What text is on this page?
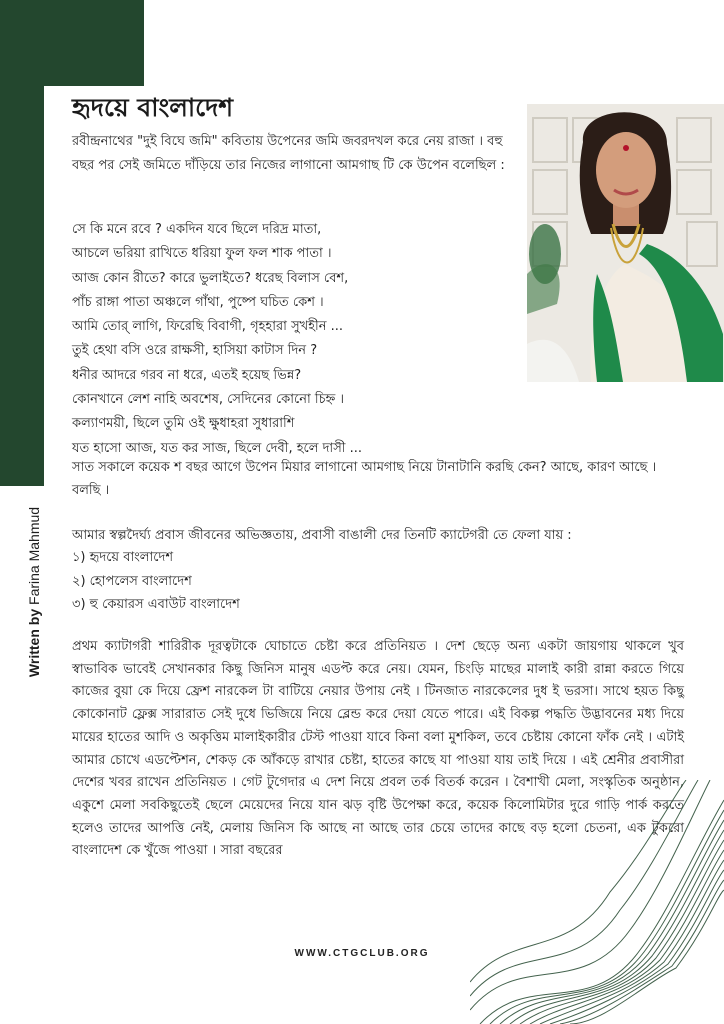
Written by Farina Mahmud
হৃদয়ে বাংলাদেশ

রবীন্দ্রনাথের "দুই বিঘে জমি" কবিতায় উপেনের জমি জবরদখল করে নেয় রাজা । বহু বছর পর সেই জমিতে দাঁড়িয়ে তার নিজের লাগানো আমগাছ টি কে উপেন বলেছিল :

সে কি মনে রবে ? একদিন যবে ছিলে দরিদ্র মাতা,
আচলে ভরিয়া রাখিতে ধরিয়া ফুল ফল শাক পাতা ।
আজ কোন রীতে? কারে ভুলাইতে? ধরেছ বিলাস বেশ,
পাঁচ রাঙ্গা পাতা অঞ্চলে গাঁথা, পুষ্পে ঘচিত কেশ ।
আমি তোর্ লাগি, ফিরেছি বিবাগী, গৃহহারা সুখহীন ...
তুই হেথা বসি ওরে রাক্ষসী, হাসিয়া কাটাস দিন ?
ধনীর আদরে গরব না ধরে, এতই হয়েছ ভিন্ন?
কোনখানে লেশ নাহি অবশেষ, সেদিনের কোনো চিহ্ন ।
কল্যাণময়ী, ছিলে তুমি ওই ক্ষুধাহরা সুধারাশি
যত হাসো আজ, যত কর সাজ, ছিলে দেবী, হলে দাসী ...

সাত সকালে কয়েক শ বছর আগে উপেন মিয়ার লাগানো আমগাছ নিয়ে টানাটানি করছি কেন? আছে, কারণ আছে । বলছি ।

আমার স্বল্পদৈর্ঘ্য প্রবাস জীবনের অভিজ্ঞতায়, প্রবাসী বাঙালী দের তিনটি ক্যাটেগরী তে ফেলা যায় :

১) হৃদয়ে বাংলাদেশ
২) হোপলেস বাংলাদেশ
৩) হু কেয়ারস এবাউট বাংলাদেশ

প্রথম ক্যাটাগরী শারিরীক দূরত্বটাকে ঘোচাতে চেষ্টা করে প্রতিনিয়ত । দেশ ছেড়ে অন্য একটা জায়গায় থাকলে খুব স্বাভাবিক ভাবেই সেখানকার কিছু জিনিস মানুষ এডপ্ট করে নেয়। যেমন, চিংড়ি মাছের মালাই কারী রান্না করতে গিয়ে কাজের বুয়া কে দিয়ে ফ্রেশ নারকেল টা বাটিয়ে নেয়ার উপায় নেই । টিনজাত নারকেলের দুধ ই ভরসা। সাথে হয়ত কিছু কোকোনাট ফ্লেক্স সারারাত সেই দুধে ভিজিয়ে নিয়ে ব্লেন্ড করে দেয়া যেতে পারে। এই বিকল্প পদ্ধতি উদ্ভাবনের মধ্য দিয়ে মায়ের হাতের আদি ও অকৃত্তিম মালাইকারীর টেস্ট পাওয়া যাবে কিনা বলা মুশকিল, তবে চেষ্টায় কোনো ফাঁক নেই । এটাই আমার চোখে এডপ্টেশন, শেকড় কে আঁকড়ে রাখার চেষ্টা, হাতের কাছে যা পাওয়া যায় তাই দিয়ে । এই শ্রেনীর প্রবাসীরা দেশের খবর রাখেন প্রতিনিয়ত । গেট টুগেদার এ দেশ নিয়ে প্রবল তর্ক বিতর্ক করেন । বৈশাখী মেলা, সংস্কৃতিক অনুষ্ঠান, একুশে মেলা সবকিছুতেই ছেলে মেয়েদের নিয়ে যান ঝড় বৃষ্টি উপেক্ষা করে, কয়েক কিলোমিটার দুরে গাড়ি পার্ক করতে হলেও তাদের আপত্তি নেই, মেলায় জিনিস কি আছে না আছে তার চেয়ে তাদের কাছে বড় হলো চেতনা, এক টুকরো বাংলাদেশ কে খুঁজে পাওয়া । সারা বছরের

WWW.CTGCLUB.ORG
